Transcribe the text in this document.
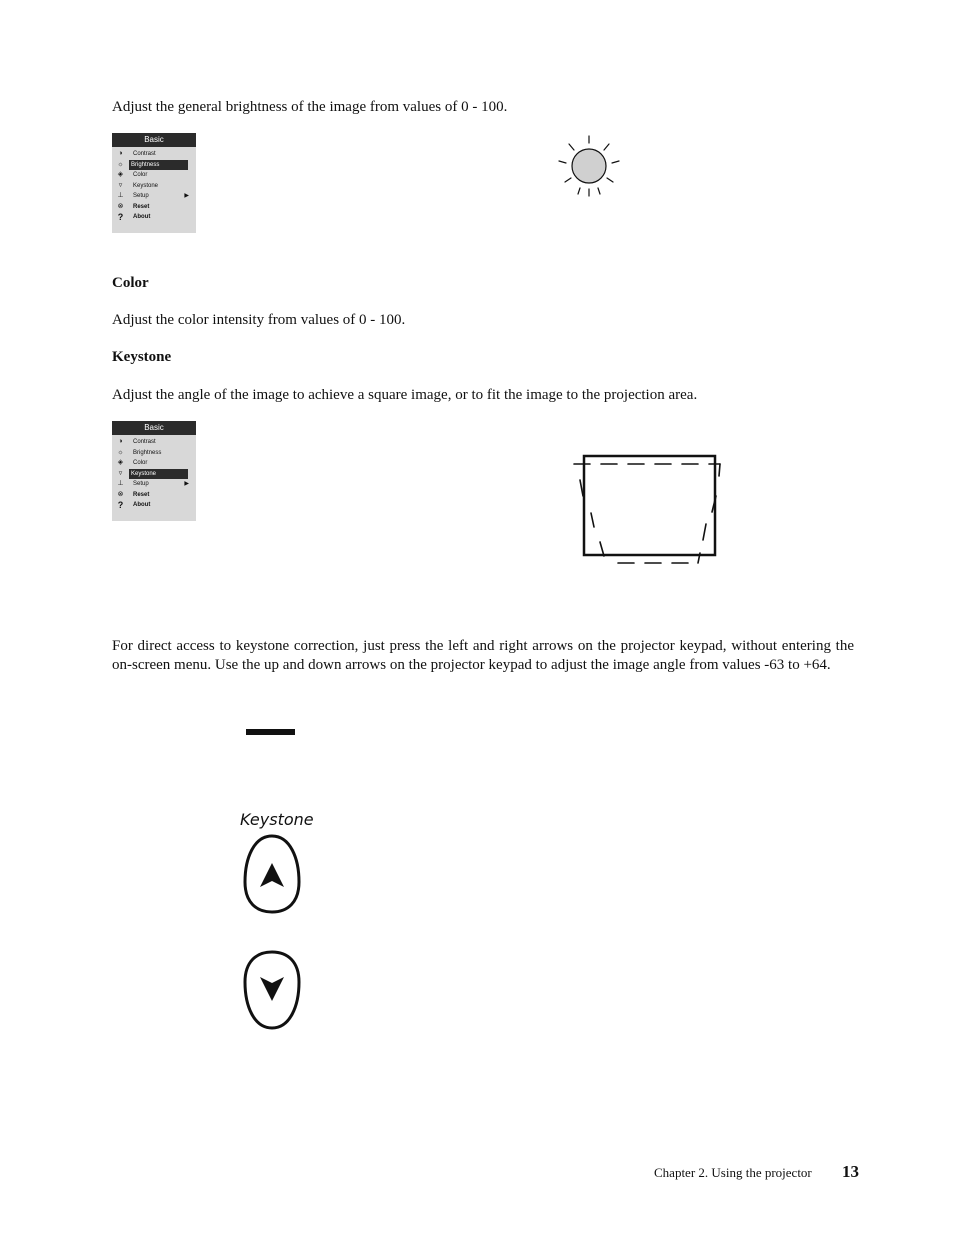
Adjust the general brightness of the image from values of 0 - 100.

Basic
◑	Contrast
☼ Brightness
◈	Color
▿	Keystone
⊥ Setup	▶
⊗ Reset
? About

Color

Adjust the color intensity from values of 0 - 100.

Keystone

Adjust the angle of the image to achieve a square image, or to fit the image to the projection area.

Basic
◑	Contrast
☼ Brightness
◈	Color
▿	Keystone
⊥ Setup	▶
⊗ Reset
? About

For direct access to keystone correction, just press the left and right arrows on the projector keypad, without entering the on-screen menu. Use the up and down arrows on the projector keypad to adjust the image angle from values -63 to +64.

Keystone

Chapter 2. Using the projector 13
